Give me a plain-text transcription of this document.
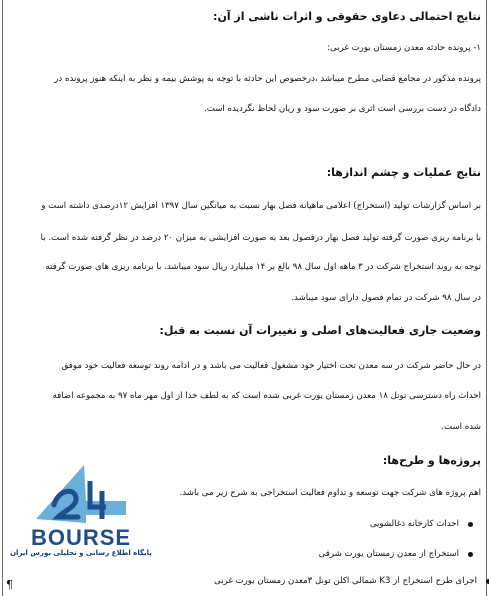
نتایج احتمالی دعاوی حقوقی و اثرات ناشی از آن:
۱- پرونده حادثه معدن زمستان یورت غربی:
پرونده مذکور در مجامع قضایی مطرح میباشد ،درخصوص این حادثه با توجه به پوشش بیمه و نظر به اینکه هنوز پرونده در
دادگاه در دست بررسی است اثری بر صورت سود و زیان لحاظ نگردیده است.
نتایج عملیات و چشم اندازها:
بر اساس گزارشات تولید (استخراج) اعلامی ماهیانه فصل بهار نسبت به میانگین سال ۱۳۹۷ افزایش ۱۲درصدی داشته است و
با برنامه ریزی صورت گرفته تولید فصل بهار درفصول بعد به صورت افزایشی به میزان ۲۰ درصد در نظر گرفته شده است. با
توجه به روند استخراج شرکت در ۳ ماهه اول سال ۹۸ بالغ بر ۱۴ میلیارد ریال سود میباشد. با برنامه ریزی های صورت گرفته
در سال ۹۸ شرکت در تمام فصول دارای سود میباشد.
وضعیت جاری فعالیت‌های اصلی و تغییرات آن نسبت به قبل:
در حال حاضر شرکت در سه معدن تحت اختیار خود مشغول فعالیت می باشد و در ادامه روند توسعه فعالیت خود موفق
احداث راه دسترسی تونل ۱۸ معدن زمستان یورت غربی شده است که به لطف خدا از اول مهر ماه ۹۷ به مجموعه اضافه
شده است.
پروژه‌ها و طرح‌ها:
اهم پروژه های شرکت جهت توسعه و تداوم فعالیت استخراجی به شرح زیر می باشد.
احداث کارخانه ذغالشویی
استخراج از معدن زمستان یورت شرقی
اجرای طرح استخراج از K3 شمالی اکلن تونل ۳معدن زمستان یورت غربی
BOURSE
پایگاه اطلاع رسانی و تحلیلی بورس ایران
¶
